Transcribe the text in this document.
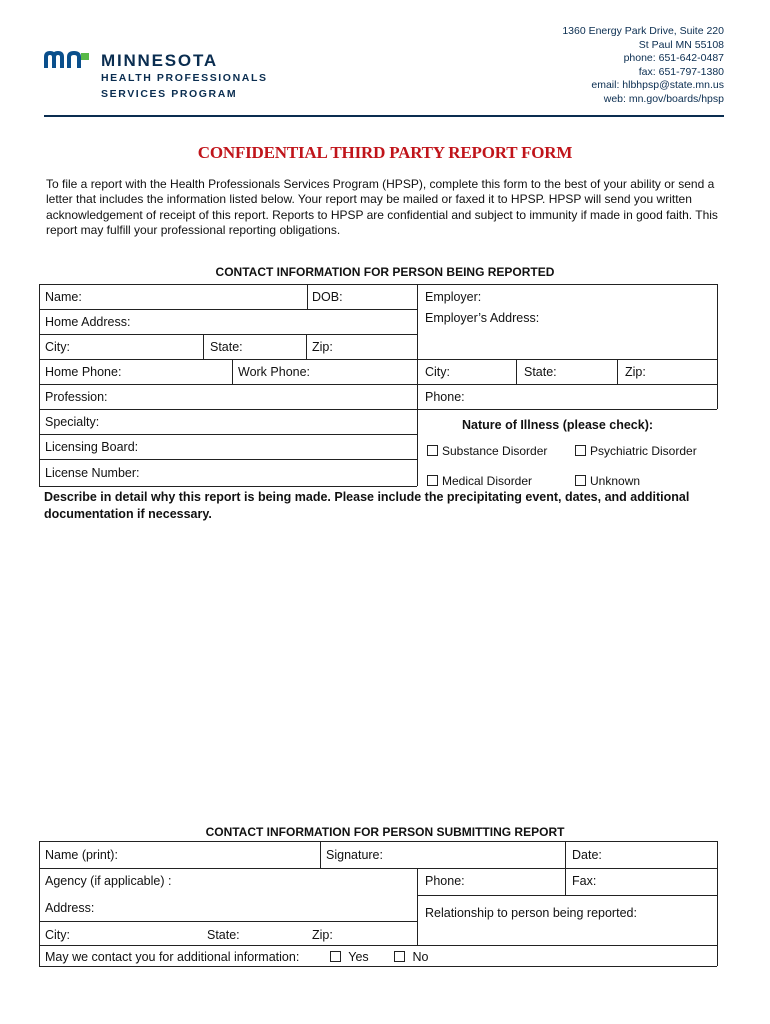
MINNESOTA
HEALTH PROFESSIONALS
SERVICES PROGRAM
1360 Energy Park Drive, Suite 220
St Paul MN 55108
phone: 651-642-0487
fax: 651-797-1380
email: hlbhpsp@state.mn.us
web: mn.gov/boards/hpsp
CONFIDENTIAL THIRD PARTY REPORT FORM
To file a report with the Health Professionals Services Program (HPSP), complete this form to the best of your ability or send a letter that includes the information listed below. Your report may be mailed or faxed it to HPSP. HPSP will send you written acknowledgement of receipt of this report. Reports to HPSP are confidential and subject to immunity if made in good faith. This report may fulfill your professional reporting obligations.
CONTACT INFORMATION FOR PERSON BEING REPORTED
Name:	DOB:	Employer:
Home Address:	Employer’s Address:
City:	State:	Zip:
Home Phone:	Work Phone:	City:	State:	Zip:
Profession:	Phone:
Specialty:
Licensing Board:
License Number:
Nature of Illness (please check):
Substance Disorder	Psychiatric Disorder
Medical Disorder	Unknown
Describe in detail why this report is being made. Please include the precipitating event, dates, and additional documentation if necessary.
CONTACT INFORMATION FOR PERSON SUBMITTING REPORT
Name (print):	Signature:	Date:
Agency (if applicable) :	Phone:	Fax:
Address:	Relationship to person being reported:
City:	State:	Zip:
May we contact you for additional information:	Yes	No
